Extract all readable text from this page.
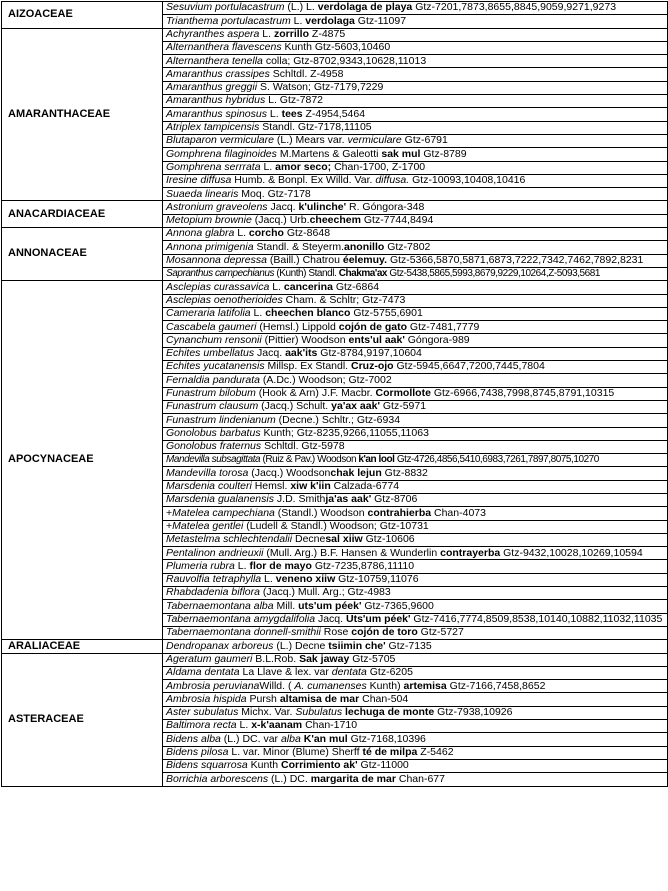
AIZOACEAE	Sesuvium portulacastrum (L.) L. verdolaga de playa Gtz-7201,7873,8655,8845,9059,9271,9273
	Trianthema portulacastrum L. verdolaga Gtz-11097
AMARANTHACEAE	Achyranthes aspera L. zorrillo Z-4875
	Alternanthera flavescens Kunth Gtz-5603,10460
	Alternanthera tenella colla; Gtz-8702,9343,10628,11013
	Amaranthus crassipes Schltdl. Z-4958
	Amaranthus greggii S. Watson; Gtz-7179,7229
	Amaranthus hybridus L. Gtz-7872
	Amaranthus spinosus L. tees Z-4954,5464
	Atriplex tampicensis Standl. Gtz-7178,11105
	Blutaparon vermiculare (L.) Mears var. vermiculare Gtz-6791
	Gomphrena filaginoides M.Martens & Galeotti sak mul Gtz-8789
	Gomphrena serrrata L. amor seco; Chan-1700, Z-1700
	Iresine diffusa Humb. & Bonpl. Ex Willd. Var. diffusa. Gtz-10093,10408,10416
	Suaeda linearis Moq. Gtz-7178
ANACARDIACEAE	Astronium graveolens Jacq. k'ulinche' R. Góngora-348
	Metopium brownie (Jacq.) Urb.cheechem Gtz-7744,8494
ANNONACEAE	Annona glabra L. corcho Gtz-8648
	Annona primigenia Standl. & Steyerm.anonillo Gtz-7802
	Mosannona depressa (Baill.) Chatrou éelemuy. Gtz-5366,5870,5871,6873,7222,7342,7462,7892,8231
	Sapranthus campechianus (Kunth) Standl. Chakma'ax Gtz-5438,5865,5993,8679,9229,10264,Z-5093,5681
APOCYNACEAE	Asclepias curassavica L. cancerina Gtz-6864
	Asclepias oenotherioides Cham. & Schltr; Gtz-7473
	Cameraria latifolia L. cheechen blanco Gtz-5755,6901
	Cascabela gaumeri (Hemsl.) Lippold cojón de gato Gtz-7481,7779
	Cynanchum rensonii (Pittier) Woodson ents'ul aak' Góngora-989
	Echites umbellatus Jacq. aak'its Gtz-8784,9197,10604
	Echites yucatanensis Millsp. Ex Standl. Cruz-ojo Gtz-5945,6647,7200,7445,7804
	Fernaldia pandurata (A.Dc.) Woodson; Gtz-7002
	Funastrum bilobum (Hook & Arn) J.F. Macbr. Cormollote Gtz-6966,7438,7998,8745,8791,10315
	Funastrum clausum (Jacq.) Schult. ya'ax aak' Gtz-5971
	Funastrum lindenianum (Decne.) Schltr.; Gtz-6934
	Gonolobus barbatus Kunth; Gtz-8235,9266,11055,11063
	Gonolobus fraternus Schltdl. Gtz-5978
	Mandevilla subsagittata (Ruiz & Pav.) Woodson k'an lool Gtz-4726,4856,5410,6983,7261,7897,8075,10270
	Mandevilla torosa (Jacq.) Woodsonchak lejun Gtz-8832
	Marsdenia coulteri Hemsl. xiw k'iin Calzada-6774
	Marsdenia gualanensis J.D. Smithja'as aak' Gtz-8706
	+Matelea campechiana (Standl.) Woodson contrahierba Chan-4073
	+Matelea gentlei (Ludell & Standl.) Woodson; Gtz-10731
	Metastelma schlechtendalii Decnesal xiiw Gtz-10606
	Pentalinon andrieuxii (Mull. Arg.) B.F. Hansen & Wunderlin contrayerba Gtz-9432,10028,10269,10594
	Plumeria rubra L. flor de mayo Gtz-7235,8786,11110
	Rauvolfia tetraphylla L. veneno xiiw Gtz-10759,11076
	Rhabdadenia biflora (Jacq.) Mull. Arg.; Gtz-4983
	Tabernaemontana alba Mill. uts'um péek' Gtz-7365,9600
	Tabernaemontana amygdalifolia Jacq. Uts'um péek' Gtz-7416,7774,8509,8538,10140,10882,11032,11035
	Tabernaemontana donnell-smithii Rose cojón de toro Gtz-5727
ARALIACEAE	Dendropanax arboreus (L.) Decne tsiimin che' Gtz-7135
ASTERACEAE	Ageratum gaumeri B.L.Rob. Sak jaway Gtz-5705
	Aldama dentata La Llave & lex. var dentata Gtz-6205
	Ambrosia peruvianaWilld. ( A. cumanenses Kunth) artemisa Gtz-7166,7458,8652
	Ambrosia hispida Pursh altamisa de mar Chan-504
	Aster subulatus Michx. Var. Subulatus lechuga de monte Gtz-7938,10926
	Baltimora recta L. x-k'aanam Chan-1710
	Bidens alba (L.) DC. var alba K'an mul Gtz-7168,10396
	Bidens pilosa L. var. Minor (Blume) Sherff té de milpa Z-5462
	Bidens squarrosa Kunth Corrimiento ak' Gtz-11000
	Borrichia arborescens (L.) DC. margarita de mar Chan-677
